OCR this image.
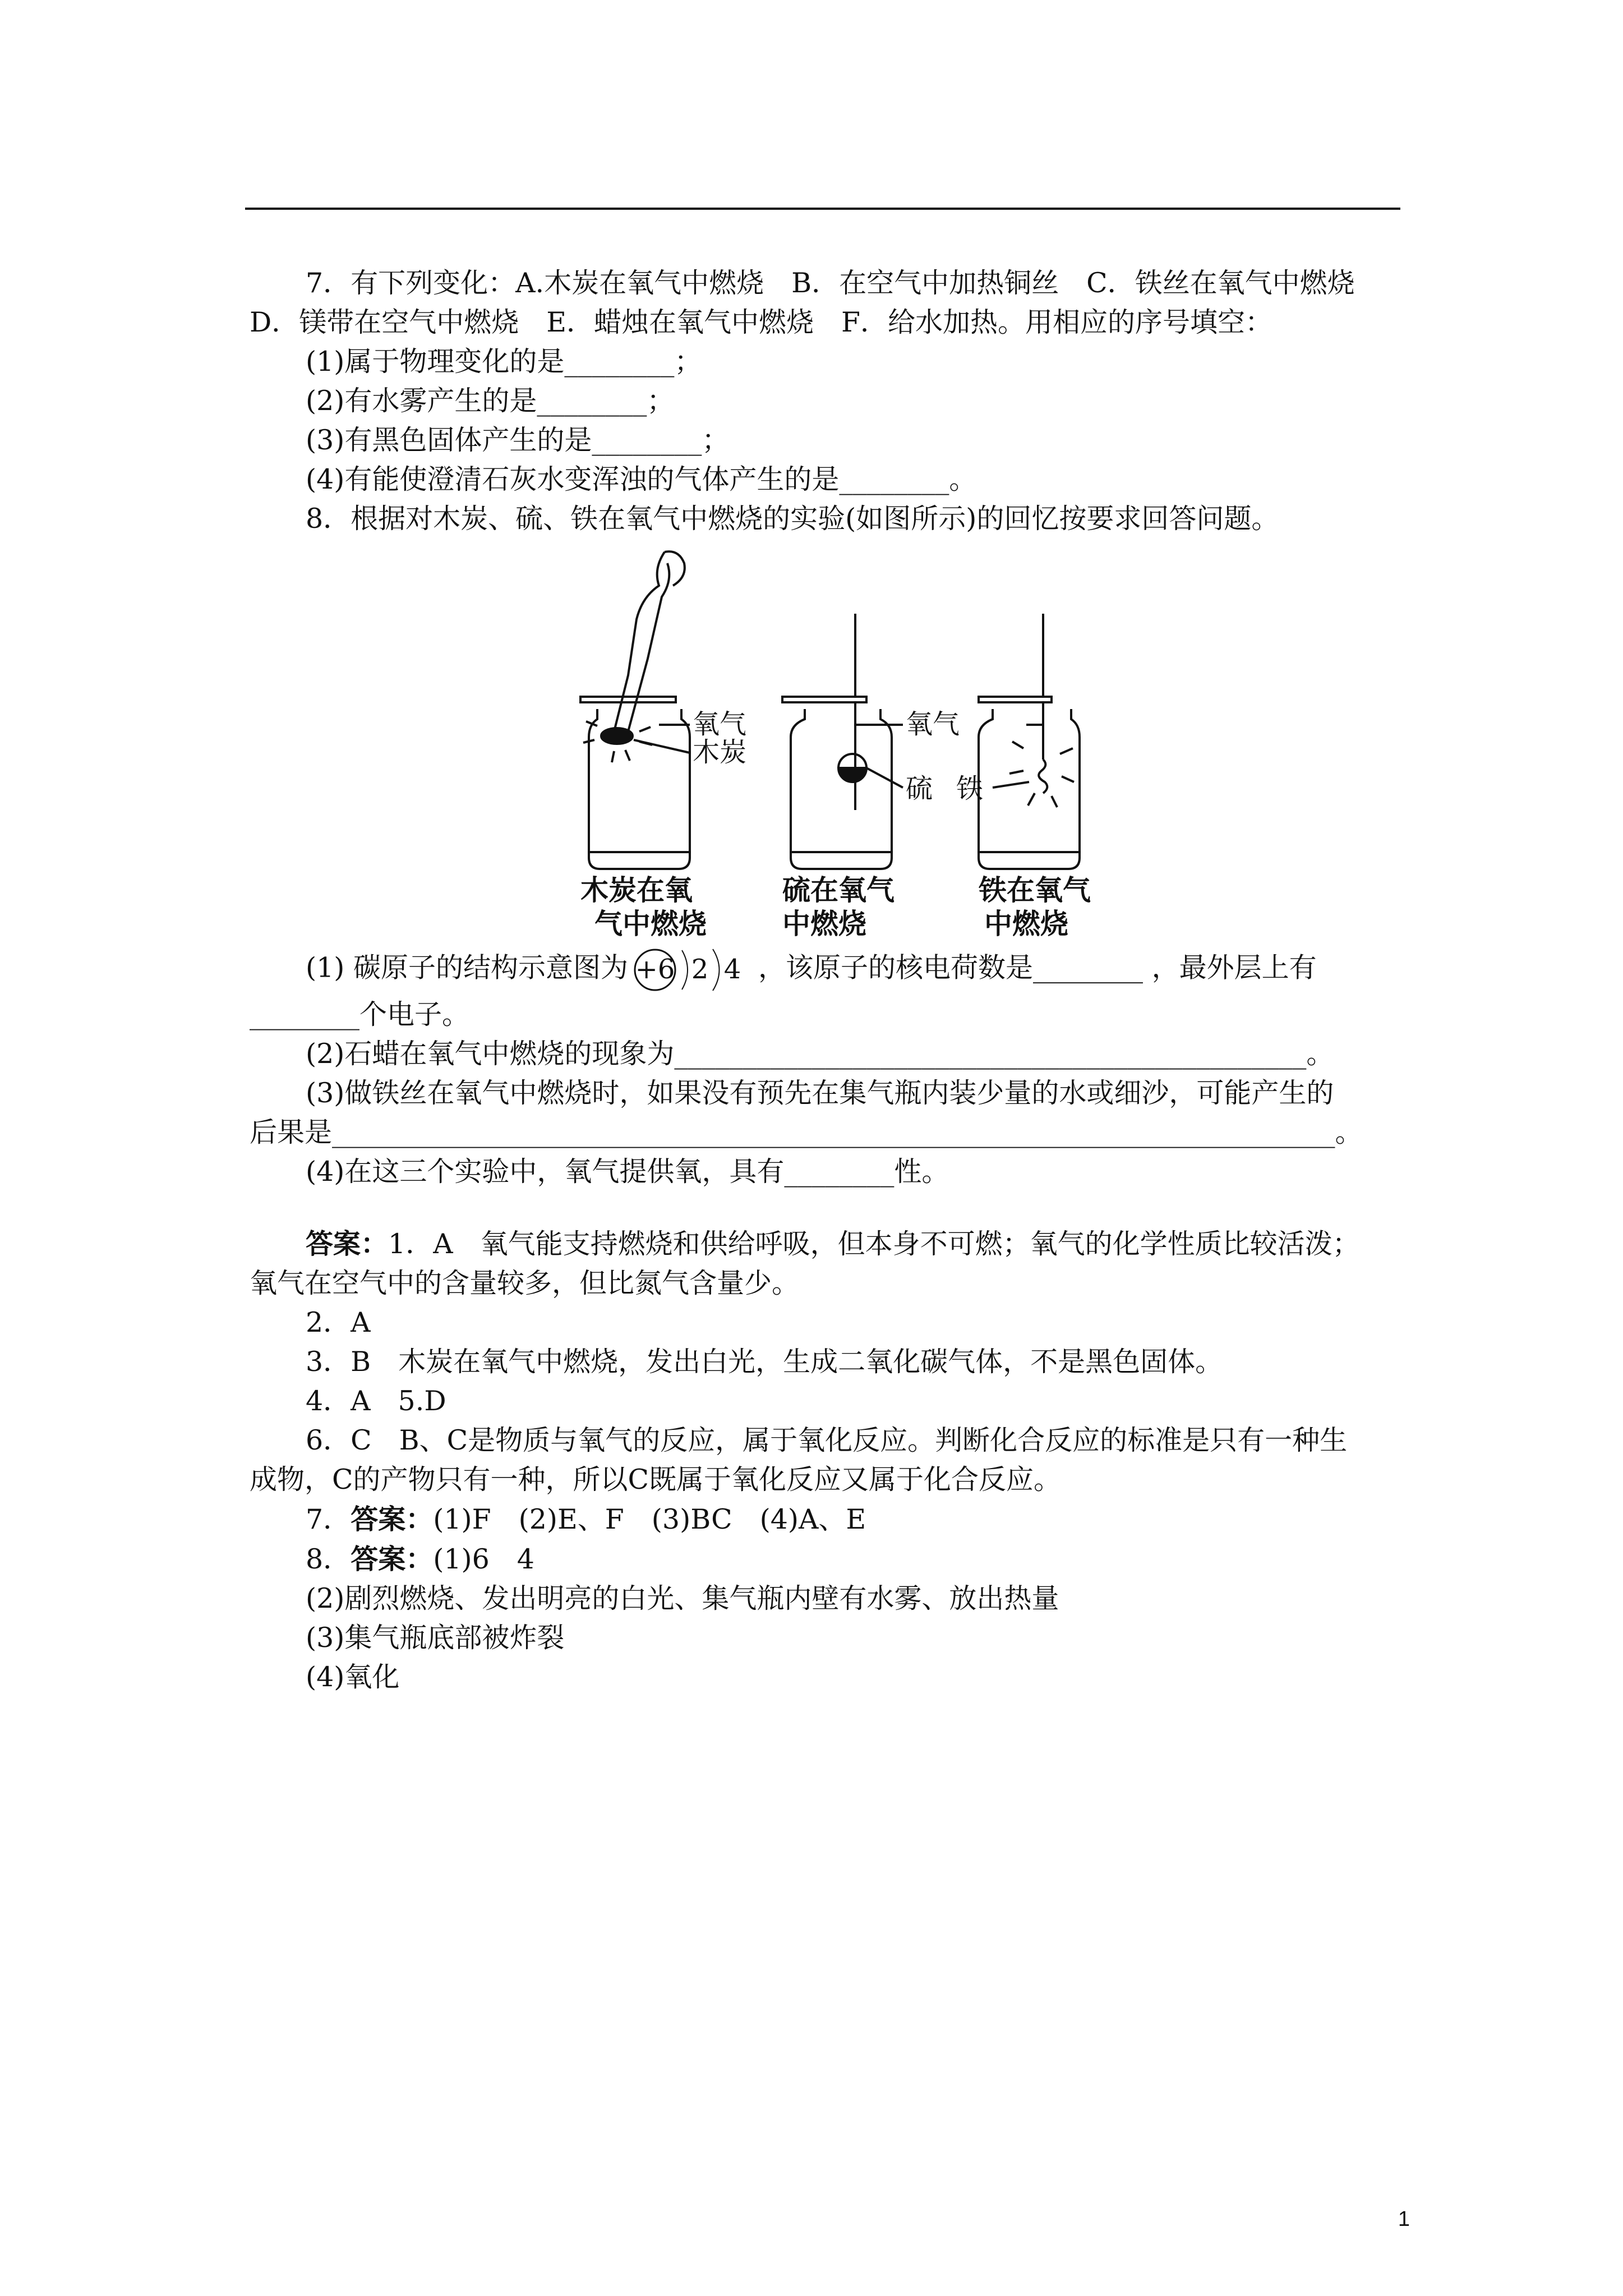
7．有下列变化：A.木炭在氧气中燃烧　B．在空气中加热铜丝　C．铁丝在氧气中燃烧
D．镁带在空气中燃烧　E．蜡烛在氧气中燃烧　F．给水加热。用相应的序号填空：
(1)属于物理变化的是________；
(2)有水雾产生的是________；
(3)有黑色固体产生的是________；
(4)有能使澄清石灰水变浑浊的气体产生的是________。
8．根据对木炭、硫、铁在氧气中燃烧的实验(如图所示)的回忆按要求回答问题。
氧气
木炭
氧气
硫 铁
木炭在氧
气中燃烧
硫在氧气
中燃烧
铁在氧气
中燃烧
(1) 碳原子的结构示意图为 +6 2 4 ，该原子的核电荷数是________ ，最外层上有
________个电子。
(2)石蜡在氧气中燃烧的现象为______________________________________________。
(3)做铁丝在氧气中燃烧时，如果没有预先在集气瓶内装少量的水或细沙，可能产生的
后果是_________________________________________________________________________。
(4)在这三个实验中，氧气提供氧，具有________性。
答案：1．A　氧气能支持燃烧和供给呼吸，但本身不可燃；氧气的化学性质比较活泼；
氧气在空气中的含量较多，但比氮气含量少。
2．A
3．B　木炭在氧气中燃烧，发出白光，生成二氧化碳气体，不是黑色固体。
4．A　5.D
6．C　B、C是物质与氧气的反应，属于氧化反应。判断化合反应的标准是只有一种生
成物，C的产物只有一种，所以C既属于氧化反应又属于化合反应。
7．答案：(1)F　(2)E、F　(3)BC　(4)A、E
8．答案：(1)6　4
(2)剧烈燃烧、发出明亮的白光、集气瓶内壁有水雾、放出热量
(3)集气瓶底部被炸裂
(4)氧化
1
